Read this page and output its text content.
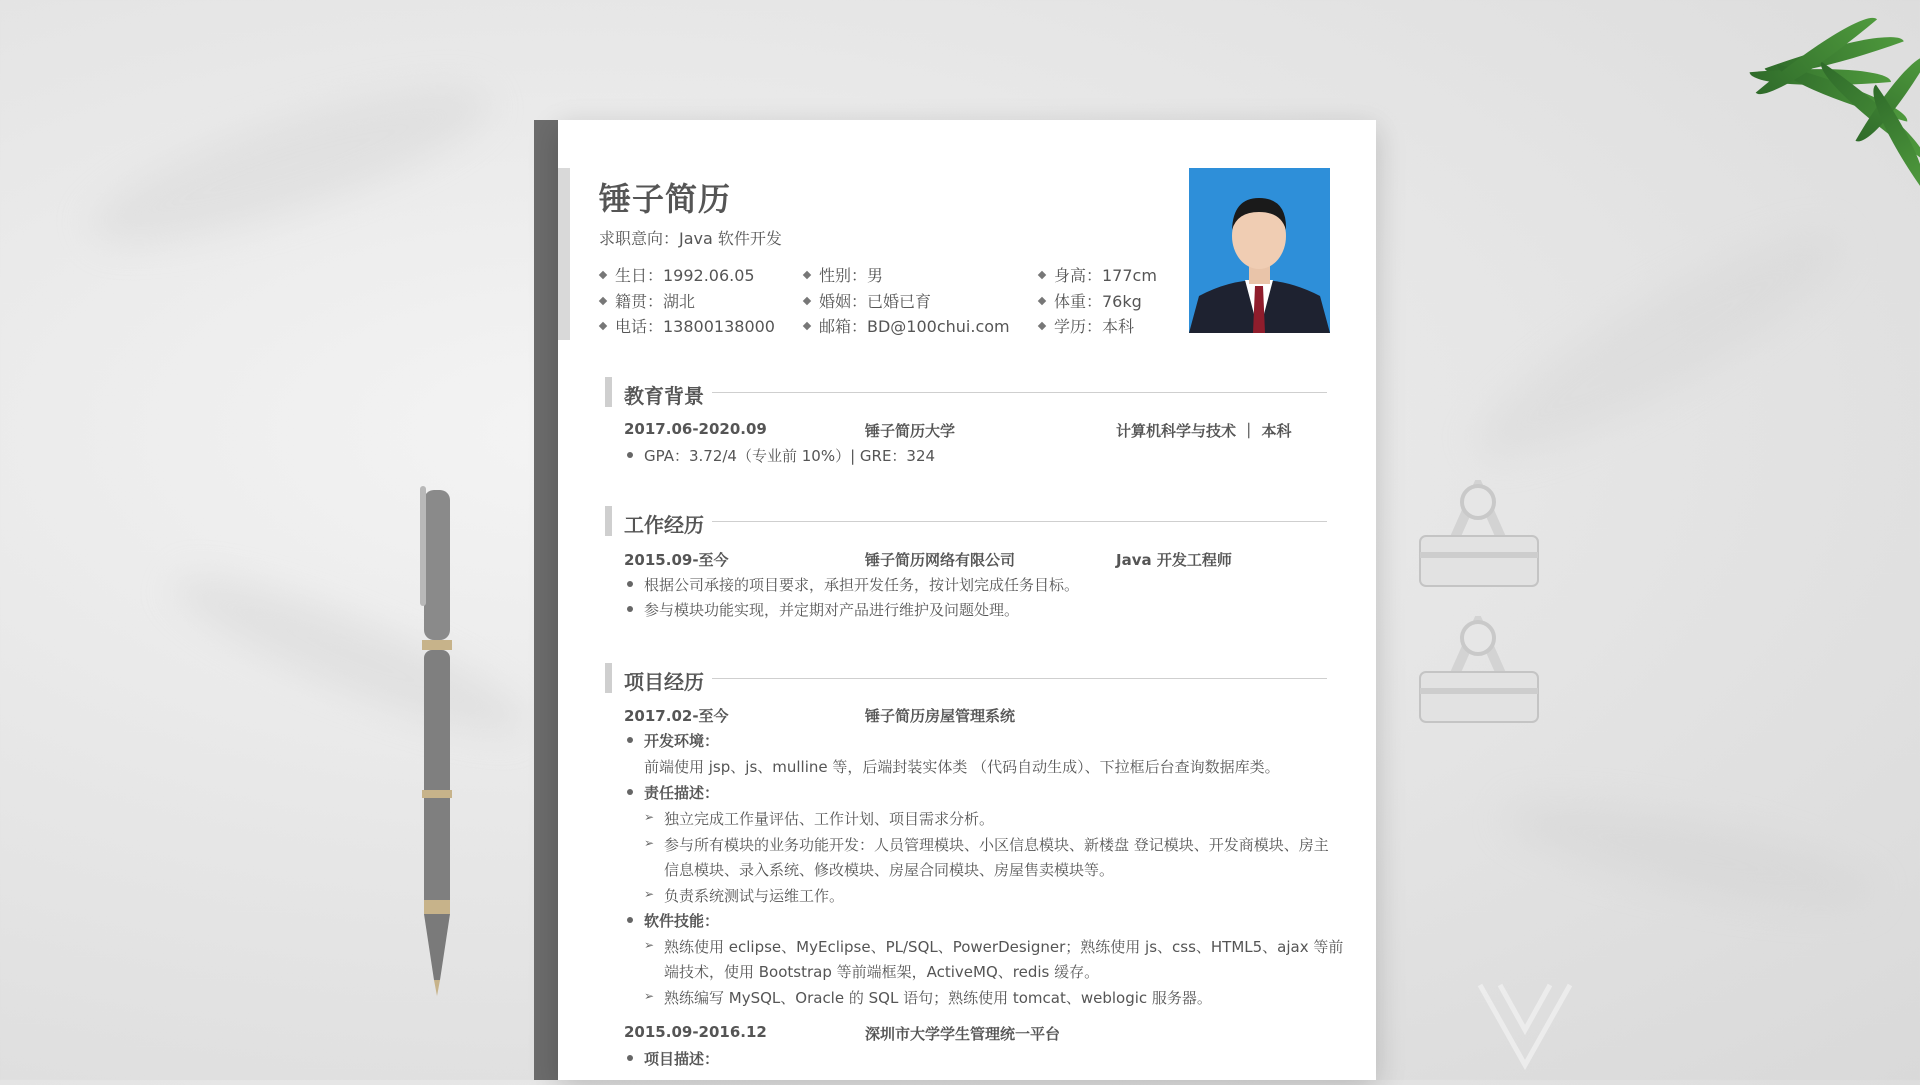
锤子简历
求职意向：Java 软件开发
生日：1992.06.05	性别：男	身高：177cm
籍贯：湖北	婚姻：已婚已育	体重：76kg
电话：13800138000	邮箱：BD@100chui.com	学历：本科
教育背景
2017.06-2020.09	锤子简历大学	计算机科学与技术 ｜ 本科
GPA：3.72/4（专业前 10%）| GRE：324
工作经历
2015.09-至今	锤子简历网络有限公司	Java 开发工程师
根据公司承接的项目要求，承担开发任务，按计划完成任务目标。
参与模块功能实现，并定期对产品进行维护及问题处理。
项目经历
2017.02-至今	锤子简历房屋管理系统
开发环境：
前端使用 jsp、js、mulline 等，后端封装实体类 （代码自动生成）、下拉框后台查询数据库类。
责任描述：
➢ 独立完成工作量评估、工作计划、项目需求分析。
➢ 参与所有模块的业务功能开发：人员管理模块、小区信息模块、新楼盘 登记模块、开发商模块、房主
信息模块、录入系统、修改模块、房屋合同模块、房屋售卖模块等。
➢ 负责系统测试与运维工作。
软件技能：
➢ 熟练使用 eclipse、MyEclipse、PL/SQL、PowerDesigner；熟练使用 js、css、HTML5、ajax 等前
端技术，使用 Bootstrap 等前端框架，ActiveMQ、redis 缓存。
➢ 熟练编写 MySQL、Oracle 的 SQL 语句；熟练使用 tomcat、weblogic 服务器。
2015.09-2016.12	深圳市大学学生管理统一平台
项目描述：
